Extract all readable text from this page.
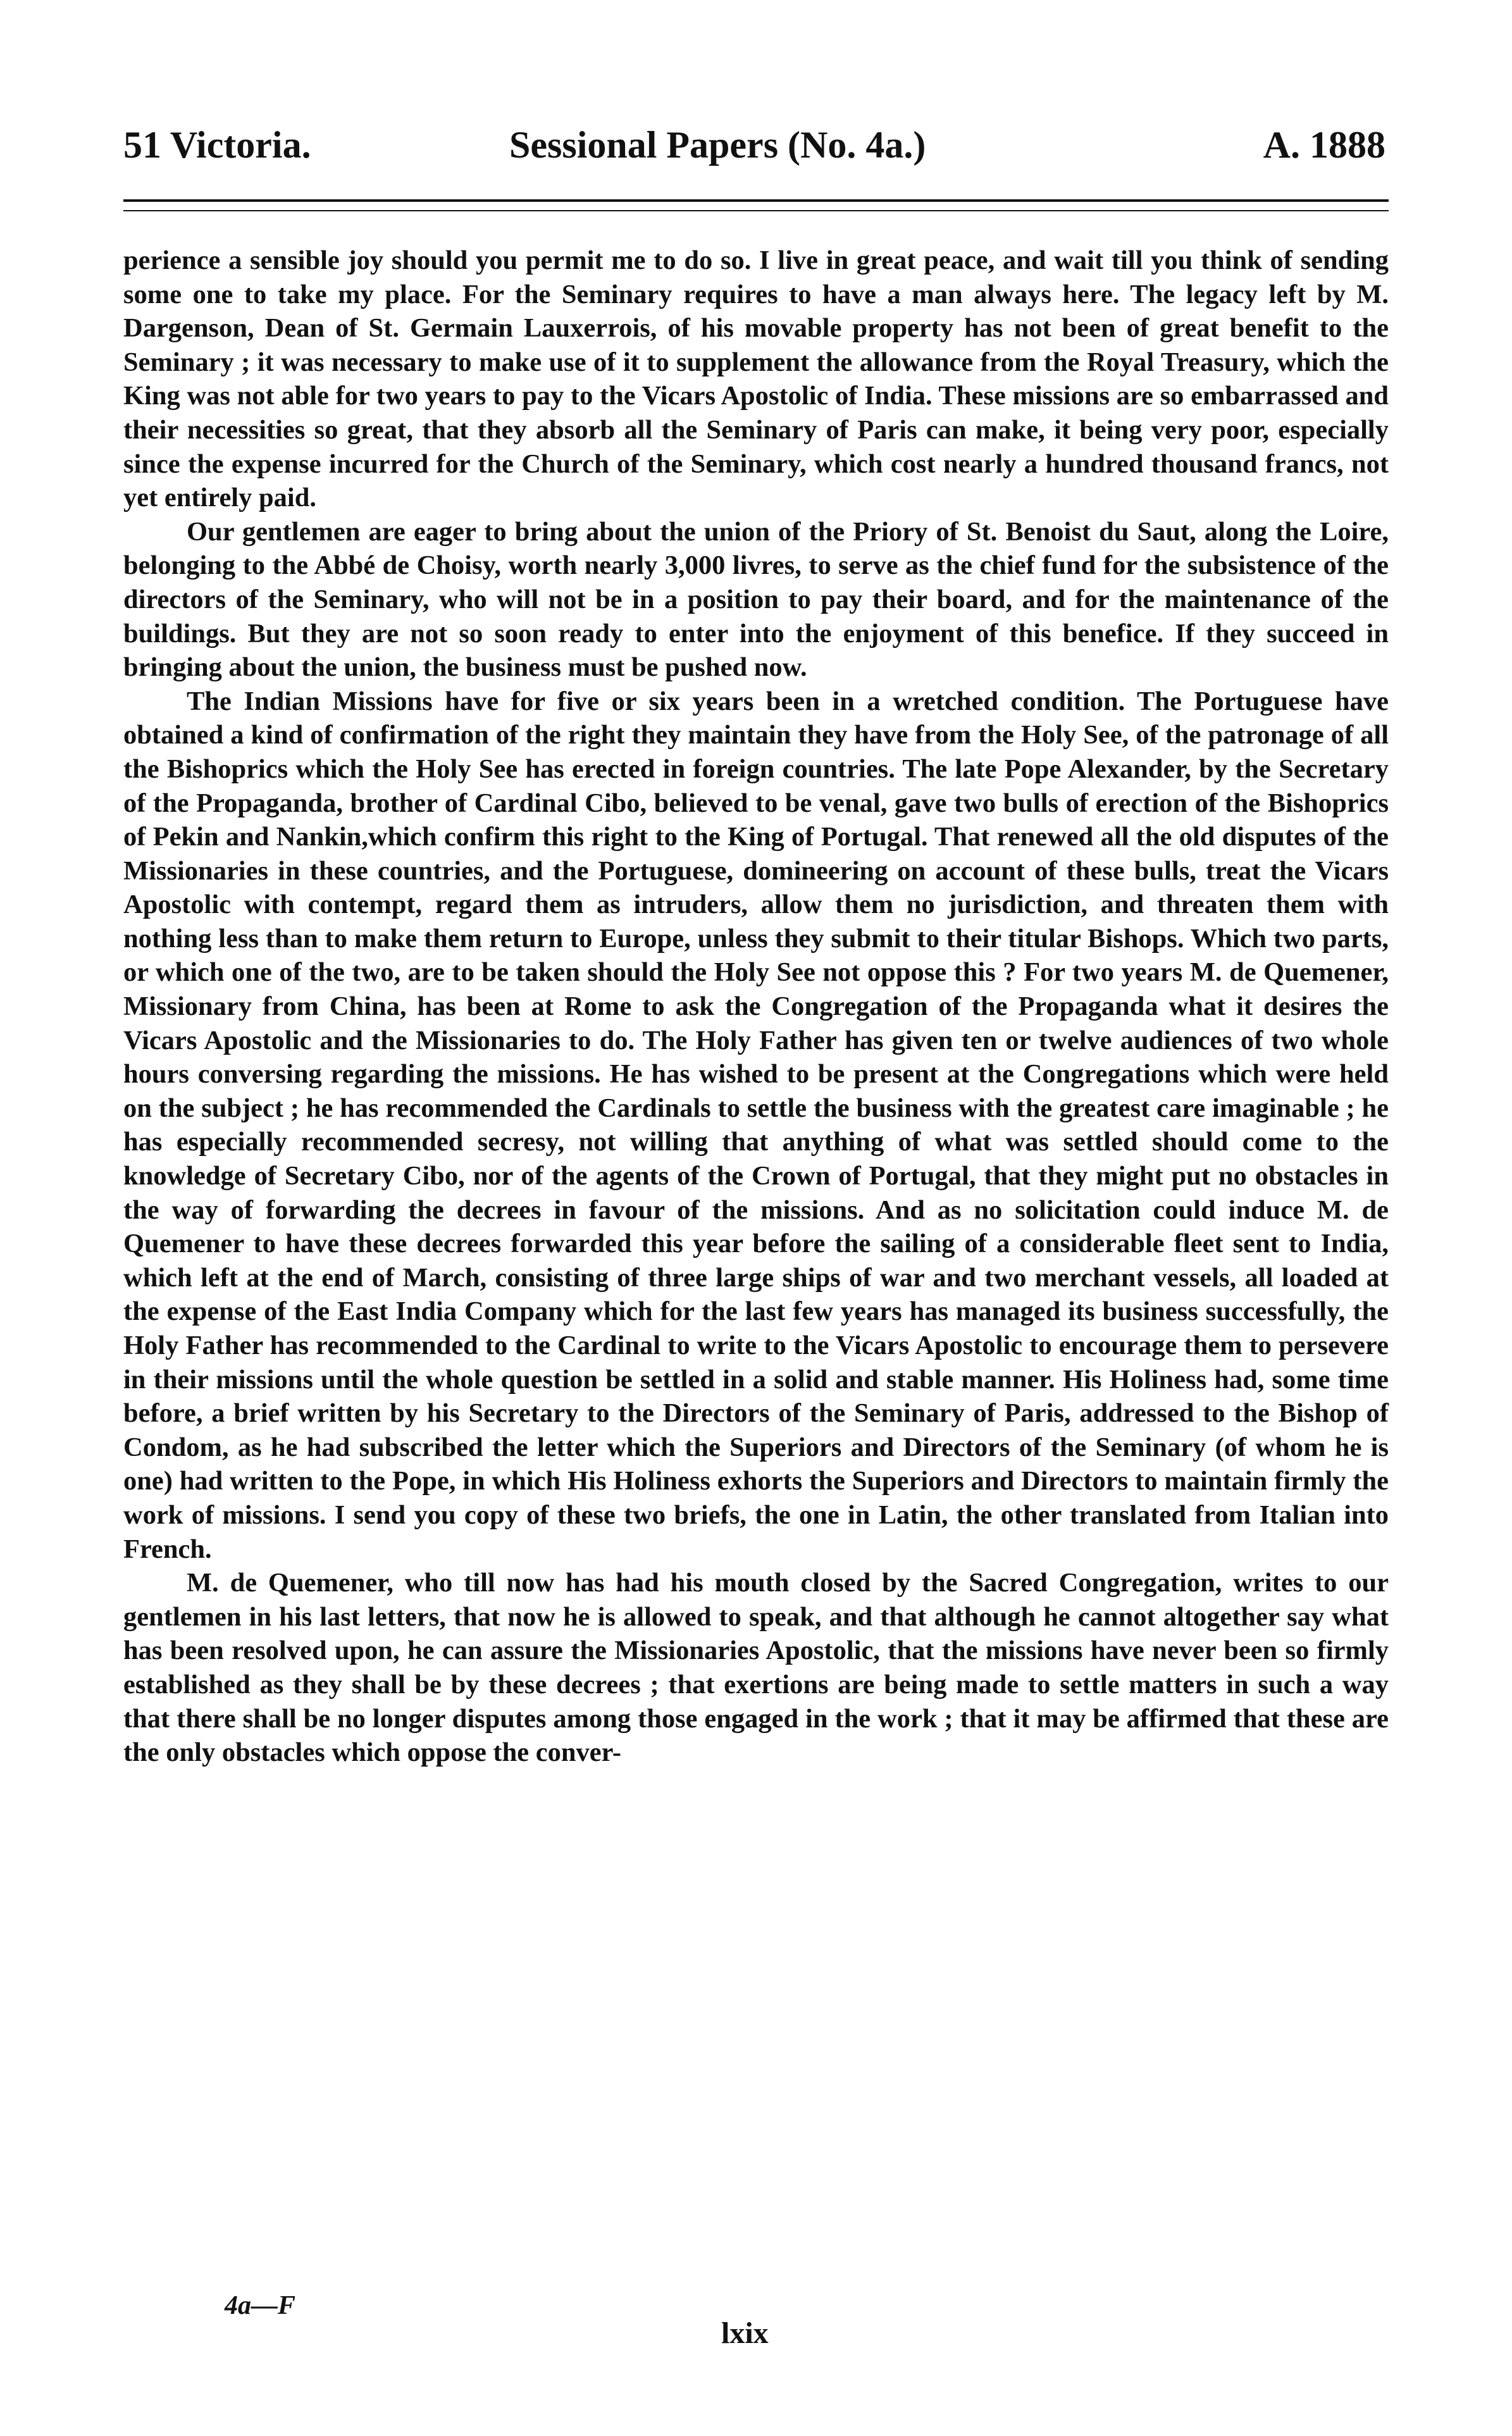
51 Victoria.	Sessional Papers (No. 4a.)	A. 1888

perience a sensible joy should you permit me to do so. I live in great peace, and wait till you think of sending some one to take my place. For the Seminary requires to have a man always here. The legacy left by M. Dargenson, Dean of St. Germain Lauxerrois, of his movable property has not been of great benefit to the Seminary ; it was necessary to make use of it to supplement the allowance from the Royal Treasury, which the King was not able for two years to pay to the Vicars Apostolic of India. These missions are so embarrassed and their necessities so great, that they absorb all the Seminary of Paris can make, it being very poor, especially since the expense incurred for the Church of the Seminary, which cost nearly a hundred thousand francs, not yet entirely paid.

Our gentlemen are eager to bring about the union of the Priory of St. Benoist du Saut, along the Loire, belonging to the Abbé de Choisy, worth nearly 3,000 livres, to serve as the chief fund for the subsistence of the directors of the Seminary, who will not be in a position to pay their board, and for the maintenance of the buildings. But they are not so soon ready to enter into the enjoyment of this benefice. If they succeed in bringing about the union, the business must be pushed now.

The Indian Missions have for five or six years been in a wretched condition. The Portuguese have obtained a kind of confirmation of the right they maintain they have from the Holy See, of the patronage of all the Bishoprics which the Holy See has erected in foreign countries. The late Pope Alexander, by the Secretary of the Propaganda, brother of Cardinal Cibo, believed to be venal, gave two bulls of erection of the Bishoprics of Pekin and Nankin,which confirm this right to the King of Portugal. That renewed all the old disputes of the Missionaries in these countries, and the Portuguese, domineering on account of these bulls, treat the Vicars Apostolic with contempt, regard them as intruders, allow them no jurisdiction, and threaten them with nothing less than to make them return to Europe, unless they submit to their titular Bishops. Which two parts, or which one of the two, are to be taken should the Holy See not oppose this ? For two years M. de Quemener, Missionary from China, has been at Rome to ask the Congregation of the Propaganda what it desires the Vicars Apostolic and the Missionaries to do. The Holy Father has given ten or twelve audiences of two whole hours conversing regarding the missions. He has wished to be present at the Congregations which were held on the subject ; he has recommended the Cardinals to settle the business with the greatest care imaginable ; he has especially recommended secresy, not willing that anything of what was settled should come to the knowledge of Secretary Cibo, nor of the agents of the Crown of Portugal, that they might put no obstacles in the way of forwarding the decrees in favour of the missions. And as no solicitation could induce M. de Quemener to have these decrees forwarded this year before the sailing of a considerable fleet sent to India, which left at the end of March, consisting of three large ships of war and two merchant vessels, all loaded at the expense of the East India Company which for the last few years has managed its business successfully, the Holy Father has recommended to the Cardinal to write to the Vicars Apostolic to encourage them to persevere in their missions until the whole question be settled in a solid and stable manner. His Holiness had, some time before, a brief written by his Secretary to the Directors of the Seminary of Paris, addressed to the Bishop of Condom, as he had subscribed the letter which the Superiors and Directors of the Seminary (of whom he is one) had written to the Pope, in which His Holiness exhorts the Superiors and Directors to maintain firmly the work of missions. I send you copy of these two briefs, the one in Latin, the other translated from Italian into French.

M. de Quemener, who till now has had his mouth closed by the Sacred Congregation, writes to our gentlemen in his last letters, that now he is allowed to speak, and that although he cannot altogether say what has been resolved upon, he can assure the Missionaries Apostolic, that the missions have never been so firmly established as they shall be by these decrees ; that exertions are being made to settle matters in such a way that there shall be no longer disputes among those engaged in the work ; that it may be affirmed that these are the only obstacles which oppose the conver-

4a—F
lxix
